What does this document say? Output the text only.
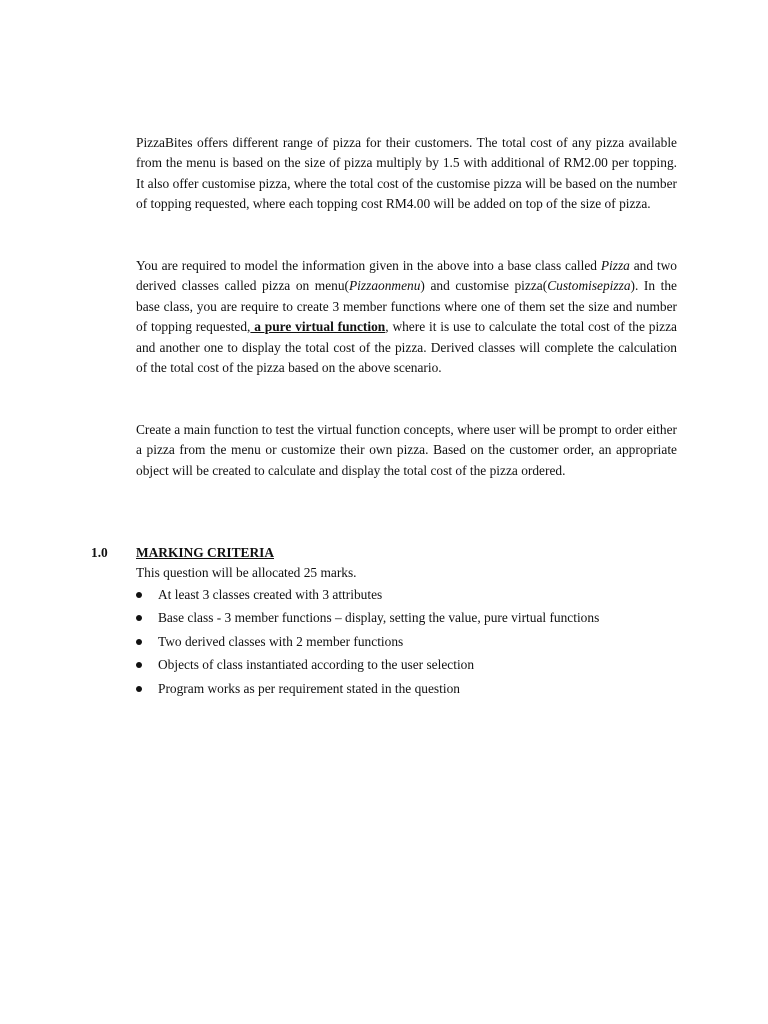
PizzaBites offers different range of pizza for their customers. The total cost of any pizza available from the menu is based on the size of pizza multiply by 1.5 with additional of RM2.00 per topping. It also offer customise pizza, where the total cost of the customise pizza will be based on the number of topping requested, where each topping cost RM4.00 will be added on top of the size of pizza.

You are required to model the information given in the above into a base class called Pizza and two derived classes called pizza on menu(Pizzaonmenu) and customise pizza(Customisepizza). In the base class, you are require to create 3 member functions where one of them set the size and number of topping requested, a pure virtual function, where it is use to calculate the total cost of the pizza and another one to display the total cost of the pizza. Derived classes will complete the calculation of the total cost of the pizza based on the above scenario.

Create a main function to test the virtual function concepts, where user will be prompt to order either a pizza from the menu or customize their own pizza. Based on the customer order, an appropriate object will be created to calculate and display the total cost of the pizza ordered.

1.0 MARKING CRITERIA
This question will be allocated 25 marks.
At least 3 classes created with 3 attributes
Base class - 3 member functions – display, setting the value, pure virtual functions
Two derived classes with 2 member functions
Objects of class instantiated according to the user selection
Program works as per requirement stated in the question
